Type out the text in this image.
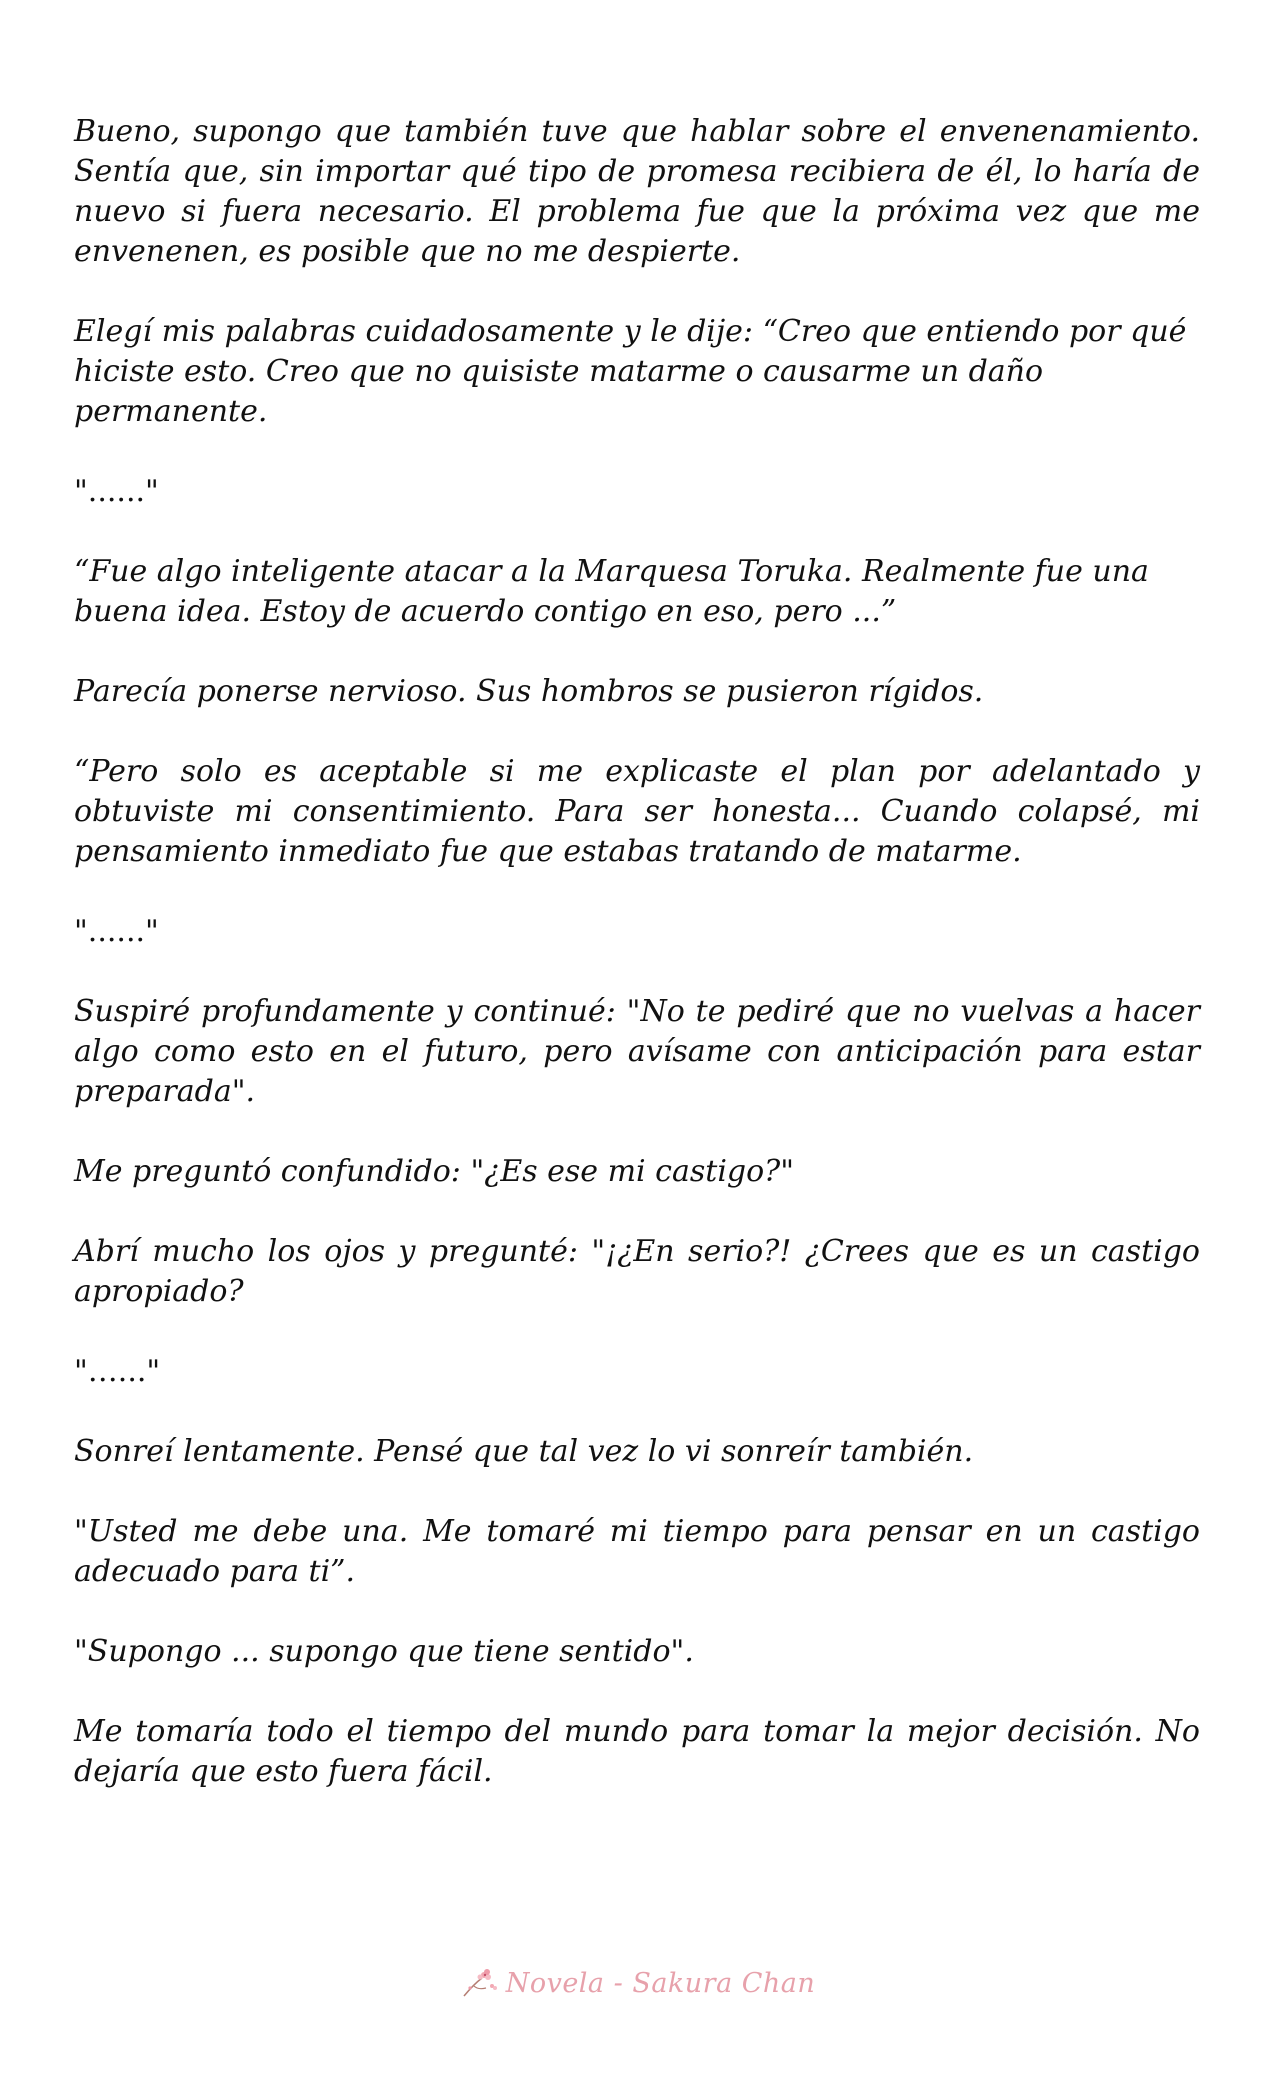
Bueno, supongo que también tuve que hablar sobre el envenenamiento. Sentía que, sin importar qué tipo de promesa recibiera de él, lo haría de nuevo si fuera necesario. El problema fue que la próxima vez que me envenenen, es posible que no me despierte.

Elegí mis palabras cuidadosamente y le dije: “Creo que entiendo por qué hiciste esto. Creo que no quisiste matarme o causarme un daño permanente.

"......"

“Fue algo inteligente atacar a la Marquesa Toruka. Realmente fue una buena idea. Estoy de acuerdo contigo en eso, pero ...”

Parecía ponerse nervioso. Sus hombros se pusieron rígidos.

“Pero solo es aceptable si me explicaste el plan por adelantado y obtuviste mi consentimiento. Para ser honesta... Cuando colapsé, mi pensamiento inmediato fue que estabas tratando de matarme.

"......"

Suspiré profundamente y continué: "No te pediré que no vuelvas a hacer algo como esto en el futuro, pero avísame con anticipación para estar preparada".

Me preguntó confundido: "¿Es ese mi castigo?"

Abrí mucho los ojos y pregunté: "¡¿En serio?! ¿Crees que es un castigo apropiado?

"…..."

Sonreí lentamente. Pensé que tal vez lo vi sonreír también.

"Usted me debe una. Me tomaré mi tiempo para pensar en un castigo adecuado para ti”.

"Supongo ... supongo que tiene sentido".

Me tomaría todo el tiempo del mundo para tomar la mejor decisión. No dejaría que esto fuera fácil.

Novela - Sakura Chan
